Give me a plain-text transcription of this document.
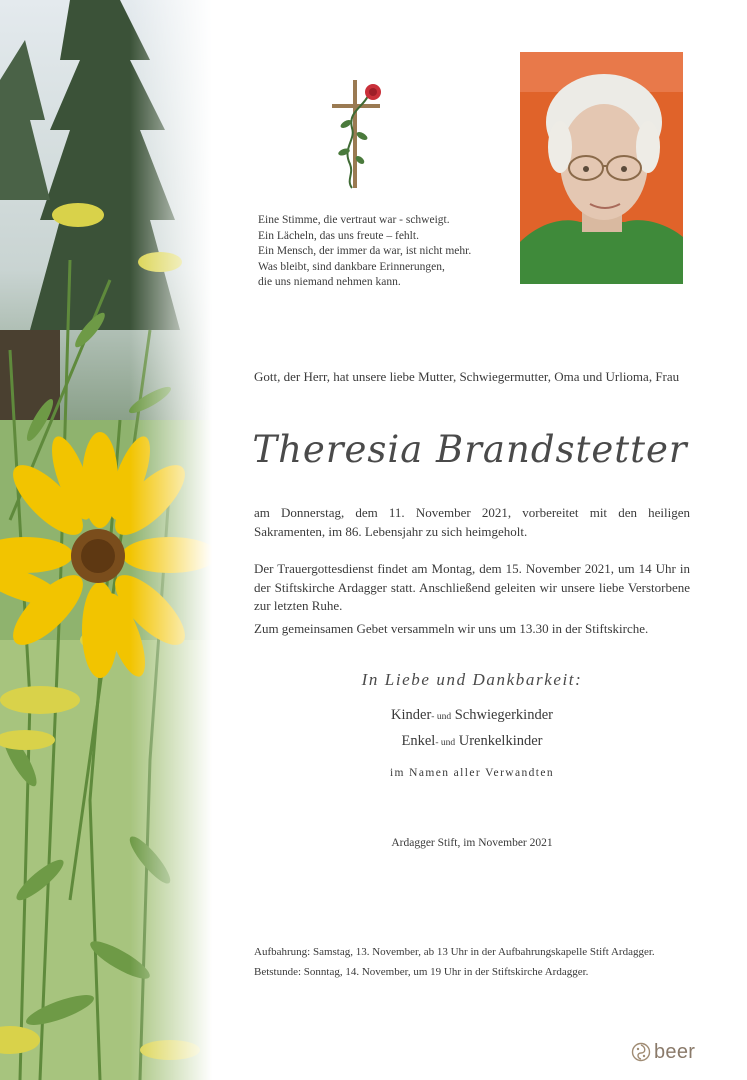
Eine Stimme, die vertraut war - schweigt.
Ein Lächeln, das uns freute – fehlt.
Ein Mensch, der immer da war, ist nicht mehr.
Was bleibt, sind dankbare Erinnerungen,
die uns niemand nehmen kann.
Gott, der Herr, hat unsere liebe Mutter, Schwiegermutter, Oma und Urlioma, Frau
Theresia Brandstetter
am Donnerstag, dem 11. November 2021, vorbereitet mit den heiligen Sakramenten, im 86. Lebensjahr zu sich heimgeholt.
Der Trauergottesdienst findet am Montag, dem 15. November 2021, um 14 Uhr in der Stiftskirche Ardagger statt. Anschließend geleiten wir unsere liebe Verstorbene zur letzten Ruhe.
Zum gemeinsamen Gebet versammeln wir uns um 13.30 in der Stiftskirche.
In Liebe und Dankbarkeit:
Kinder- und Schwiegerkinder
Enkel- und Urenkelkinder
im Namen aller Verwandten
Ardagger Stift, im November 2021
Aufbahrung: Samstag, 13. November, ab 13 Uhr in der Aufbahrungskapelle Stift Ardagger.
Betstunde: Sonntag, 14. November, um 19 Uhr in der Stiftskirche Ardagger.
beer
